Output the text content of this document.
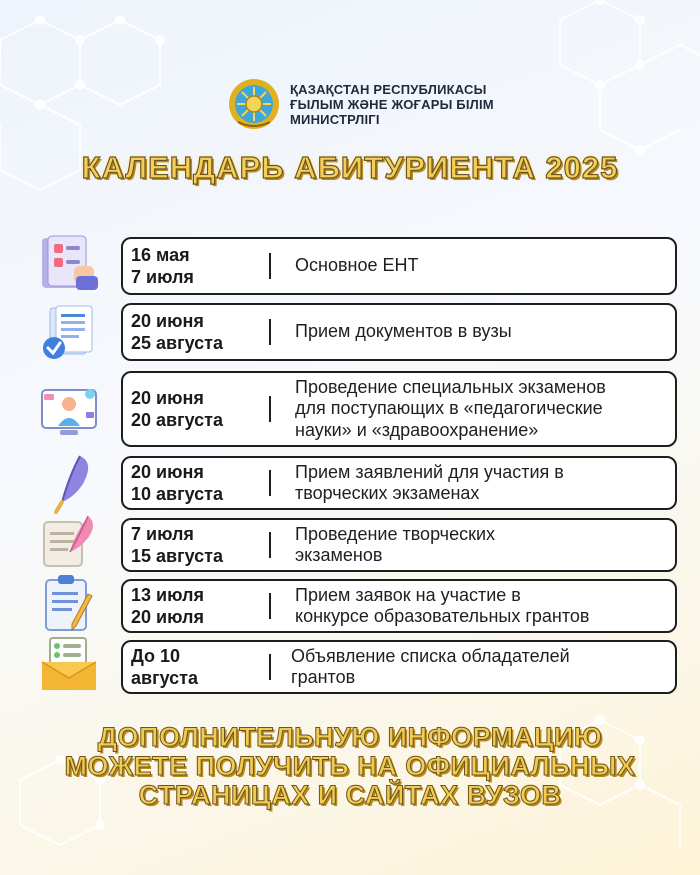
ҚАЗАҚСТАН РЕСПУБЛИКАСЫ
ҒЫЛЫМ ЖӘНЕ ЖОҒАРЫ БІЛІМ
МИНИСТРЛІГІ
КАЛЕНДАРЬ АБИТУРИЕНТА 2025
16 мая
7 июля
Основное ЕНТ
20 июня
25 августа
Прием документов в вузы
20 июня
20 августа
Проведение специальных экзаменов
для поступающих в «педагогические
науки» и «здравоохранение»
20 июня
10 августа
Прием заявлений для участия в
творческих экзаменах
7 июля
15 августа
Проведение творческих
экзаменов
13 июля
20 июля
Прием заявок на участие в
конкурсе образовательных грантов
До 10
августа
Объявление списка обладателей
грантов
ДОПОЛНИТЕЛЬНУЮ ИНФОРМАЦИЮ
МОЖЕТЕ ПОЛУЧИТЬ НА ОФИЦИАЛЬНЫХ
СТРАНИЦАХ И САЙТАХ ВУЗОВ
